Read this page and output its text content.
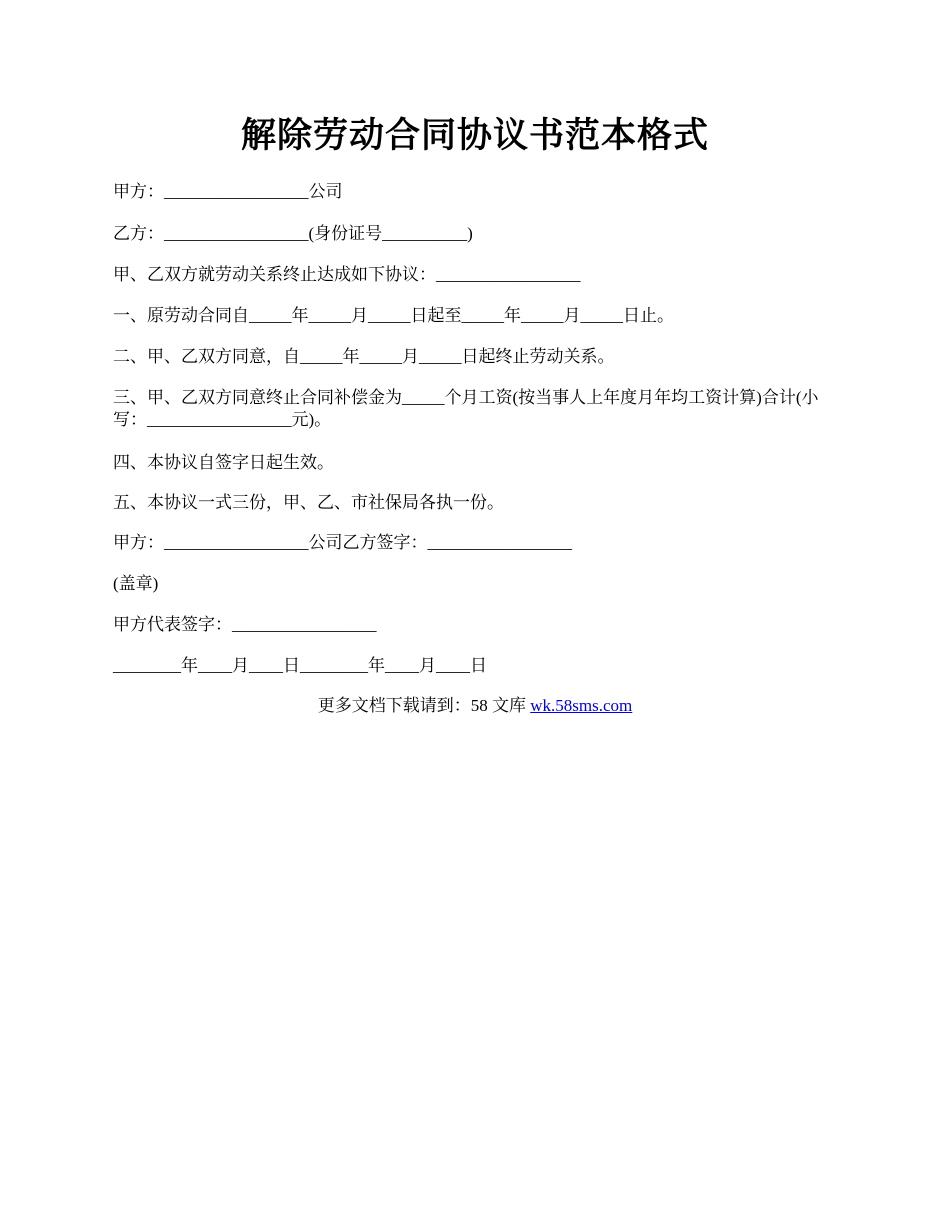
解除劳动合同协议书范本格式
甲方：_________________公司
乙方：_________________(身份证号__________)
甲、乙双方就劳动关系终止达成如下协议：_________________
一、原劳动合同自_____年_____月_____日起至_____年_____月_____日止。
二、甲、乙双方同意，自_____年_____月_____日起终止劳动关系。
三、甲、乙双方同意终止合同补偿金为_____个月工资(按当事人上年度月年均工资计算)合计(小写：_________________元)。
四、本协议自签字日起生效。
五、本协议一式三份，甲、乙、市社保局各执一份。
甲方：_________________公司乙方签字：_________________
(盖章)
甲方代表签字：_________________
________年____月____日________年____月____日
更多文档下载请到：58 文库 wk.58sms.com
